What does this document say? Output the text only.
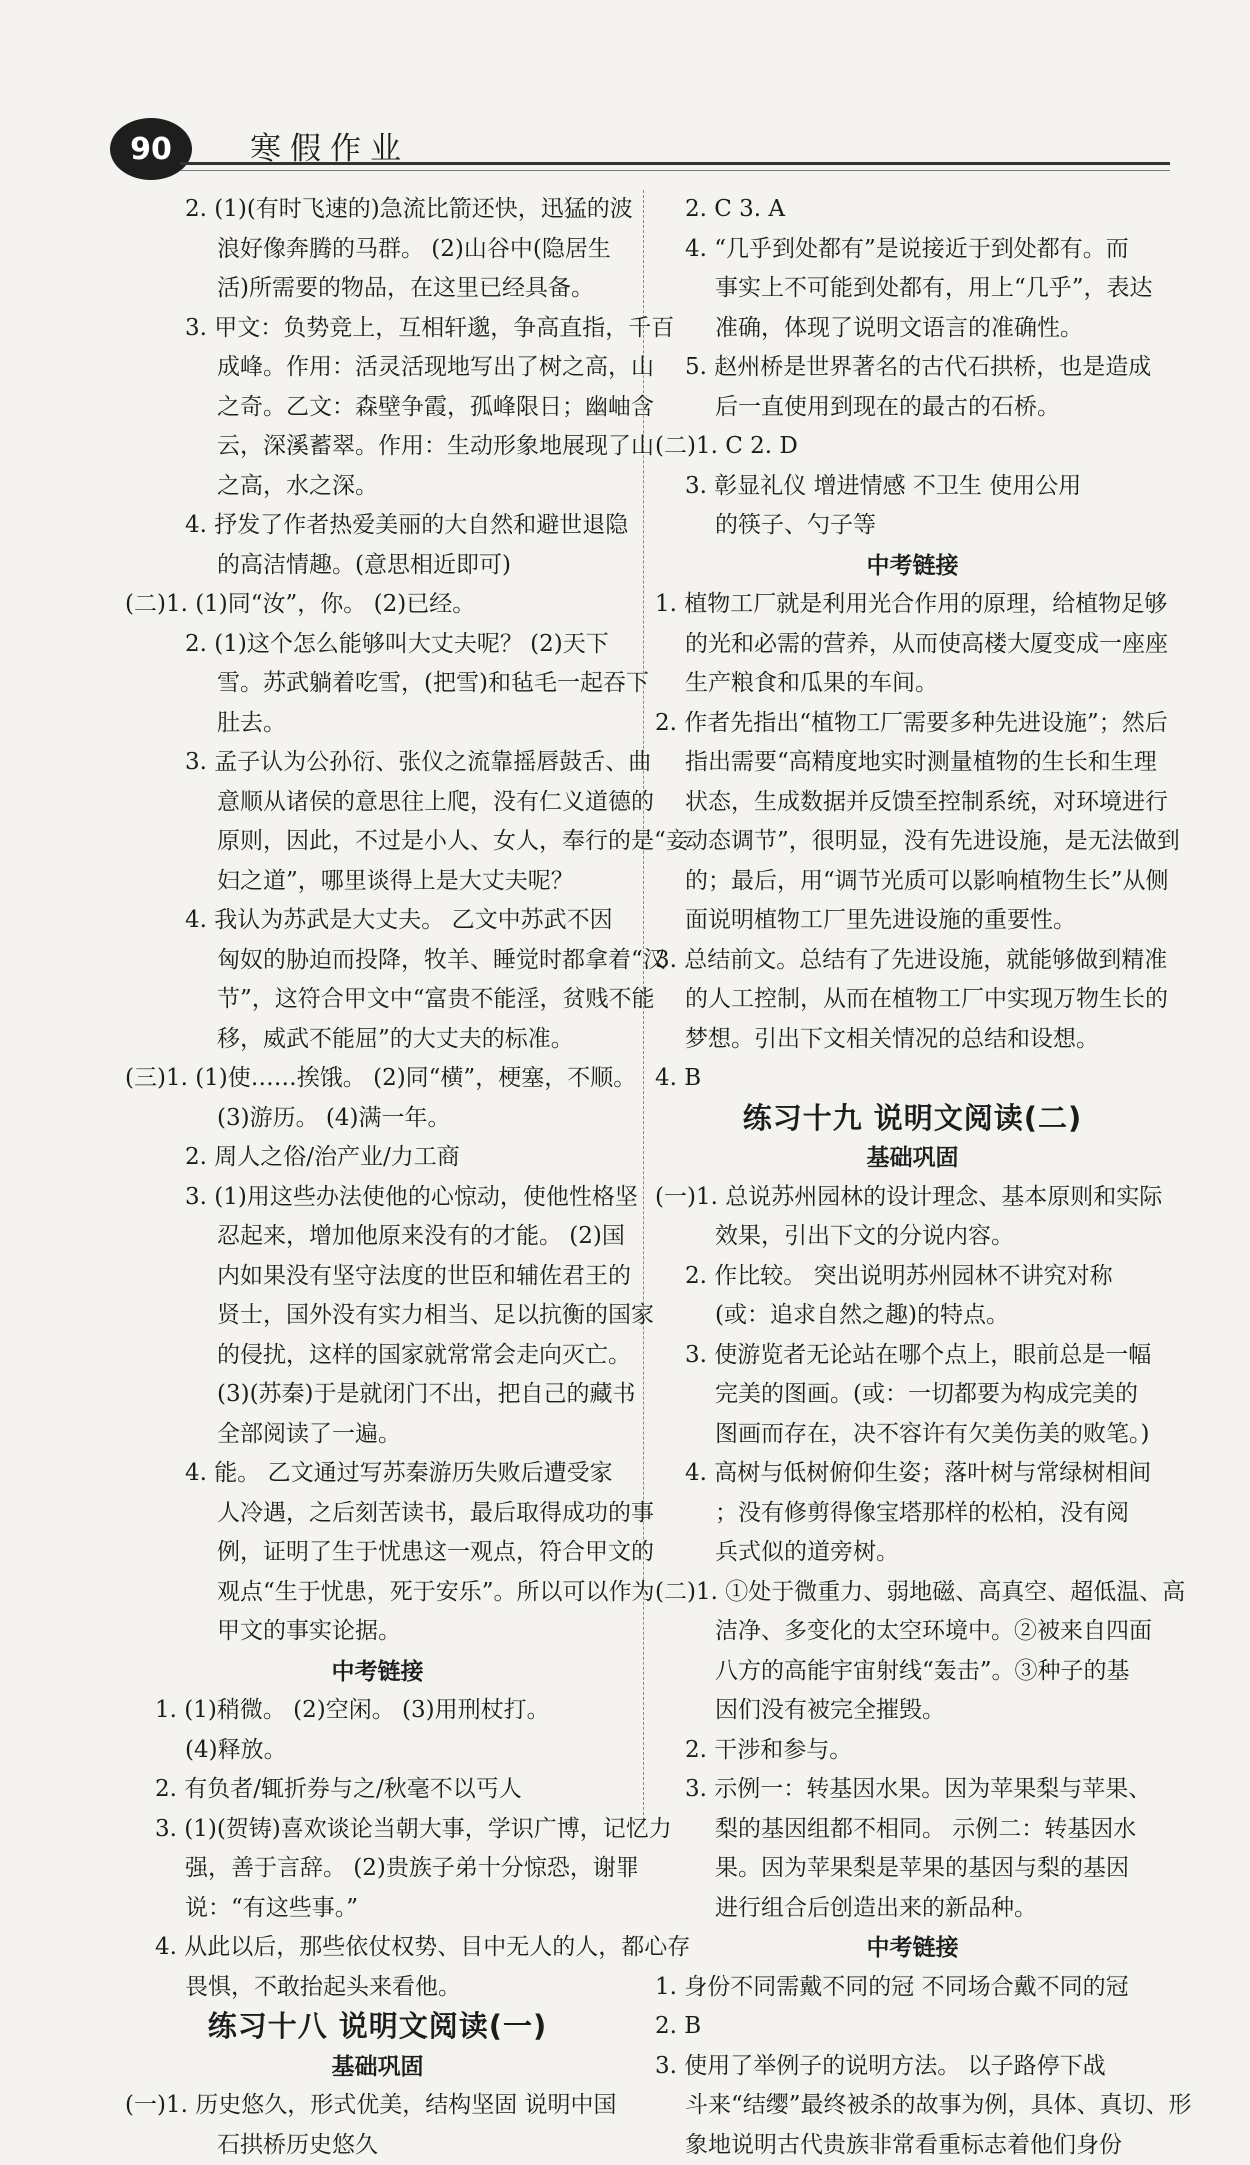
90	寒假作业
2. (1)(有时飞速的)急流比箭还快，迅猛的波
浪好像奔腾的马群。 (2)山谷中(隐居生
活)所需要的物品，在这里已经具备。
3. 甲文：负势竞上，互相轩邈，争高直指，千百
成峰。作用：活灵活现地写出了树之高，山
之奇。乙文：森壁争霞，孤峰限日；幽岫含
云，深溪蓄翠。作用：生动形象地展现了山
之高，水之深。
4. 抒发了作者热爱美丽的大自然和避世退隐
的高洁情趣。(意思相近即可)
(二)1. (1)同“汝”，你。 (2)已经。
2. (1)这个怎么能够叫大丈夫呢？ (2)天下
雪。苏武躺着吃雪，(把雪)和毡毛一起吞下
肚去。
3. 孟子认为公孙衍、张仪之流靠摇唇鼓舌、曲
意顺从诸侯的意思往上爬，没有仁义道德的
原则，因此，不过是小人、女人，奉行的是“妾
妇之道”，哪里谈得上是大丈夫呢？
4. 我认为苏武是大丈夫。 乙文中苏武不因
匈奴的胁迫而投降，牧羊、睡觉时都拿着“汉
节”，这符合甲文中“富贵不能淫，贫贱不能
移，威武不能屈”的大丈夫的标准。
(三)1. (1)使……挨饿。 (2)同“横”，梗塞，不顺。
(3)游历。 (4)满一年。
2. 周人之俗/治产业/力工商
3. (1)用这些办法使他的心惊动，使他性格坚
忍起来，增加他原来没有的才能。 (2)国
内如果没有坚守法度的世臣和辅佐君王的
贤士，国外没有实力相当、足以抗衡的国家
的侵扰，这样的国家就常常会走向灭亡。
(3)(苏秦)于是就闭门不出，把自己的藏书
全部阅读了一遍。
4. 能。 乙文通过写苏秦游历失败后遭受家
人冷遇，之后刻苦读书，最后取得成功的事
例，证明了生于忧患这一观点，符合甲文的
观点“生于忧患，死于安乐”。所以可以作为
甲文的事实论据。
中考链接
1. (1)稍微。 (2)空闲。 (3)用刑杖打。
(4)释放。
2. 有负者/辄折券与之/秋毫不以丐人
3. (1)(贺铸)喜欢谈论当朝大事，学识广博，记忆力
强，善于言辞。 (2)贵族子弟十分惊恐，谢罪
说：“有这些事。”
4. 从此以后，那些依仗权势、目中无人的人，都心存
畏惧，不敢抬起头来看他。
练习十八 说明文阅读(一)
基础巩固
(一)1. 历史悠久，形式优美，结构坚固 说明中国
石拱桥历史悠久
2. C 3. A
4. “几乎到处都有”是说接近于到处都有。而
事实上不可能到处都有，用上“几乎”，表达
准确，体现了说明文语言的准确性。
5. 赵州桥是世界著名的古代石拱桥，也是造成
后一直使用到现在的最古的石桥。
(二)1. C 2. D
3. 彰显礼仪 增进情感 不卫生 使用公用
的筷子、勺子等
中考链接
1. 植物工厂就是利用光合作用的原理，给植物足够
的光和必需的营养，从而使高楼大厦变成一座座
生产粮食和瓜果的车间。
2. 作者先指出“植物工厂需要多种先进设施”；然后
指出需要“高精度地实时测量植物的生长和生理
状态，生成数据并反馈至控制系统，对环境进行
动态调节”，很明显，没有先进设施，是无法做到
的；最后，用“调节光质可以影响植物生长”从侧
面说明植物工厂里先进设施的重要性。
3. 总结前文。总结有了先进设施，就能够做到精准
的人工控制，从而在植物工厂中实现万物生长的
梦想。引出下文相关情况的总结和设想。
4. B
练习十九 说明文阅读(二)
基础巩固
(一)1. 总说苏州园林的设计理念、基本原则和实际
效果，引出下文的分说内容。
2. 作比较。 突出说明苏州园林不讲究对称
(或：追求自然之趣)的特点。
3. 使游览者无论站在哪个点上，眼前总是一幅
完美的图画。(或：一切都要为构成完美的
图画而存在，决不容许有欠美伤美的败笔。)
4. 高树与低树俯仰生姿；落叶树与常绿树相间
；没有修剪得像宝塔那样的松柏，没有阅
兵式似的道旁树。
(二)1. ①处于微重力、弱地磁、高真空、超低温、高
洁净、多变化的太空环境中。②被来自四面
八方的高能宇宙射线“轰击”。③种子的基
因们没有被完全摧毁。
2. 干涉和参与。
3. 示例一：转基因水果。因为苹果梨与苹果、
梨的基因组都不相同。 示例二：转基因水
果。因为苹果梨是苹果的基因与梨的基因
进行组合后创造出来的新品种。
中考链接
1. 身份不同需戴不同的冠 不同场合戴不同的冠
2. B
3. 使用了举例子的说明方法。 以子路停下战
斗来“结缨”最终被杀的故事为例，具体、真切、形
象地说明古代贵族非常看重标志着他们身份
